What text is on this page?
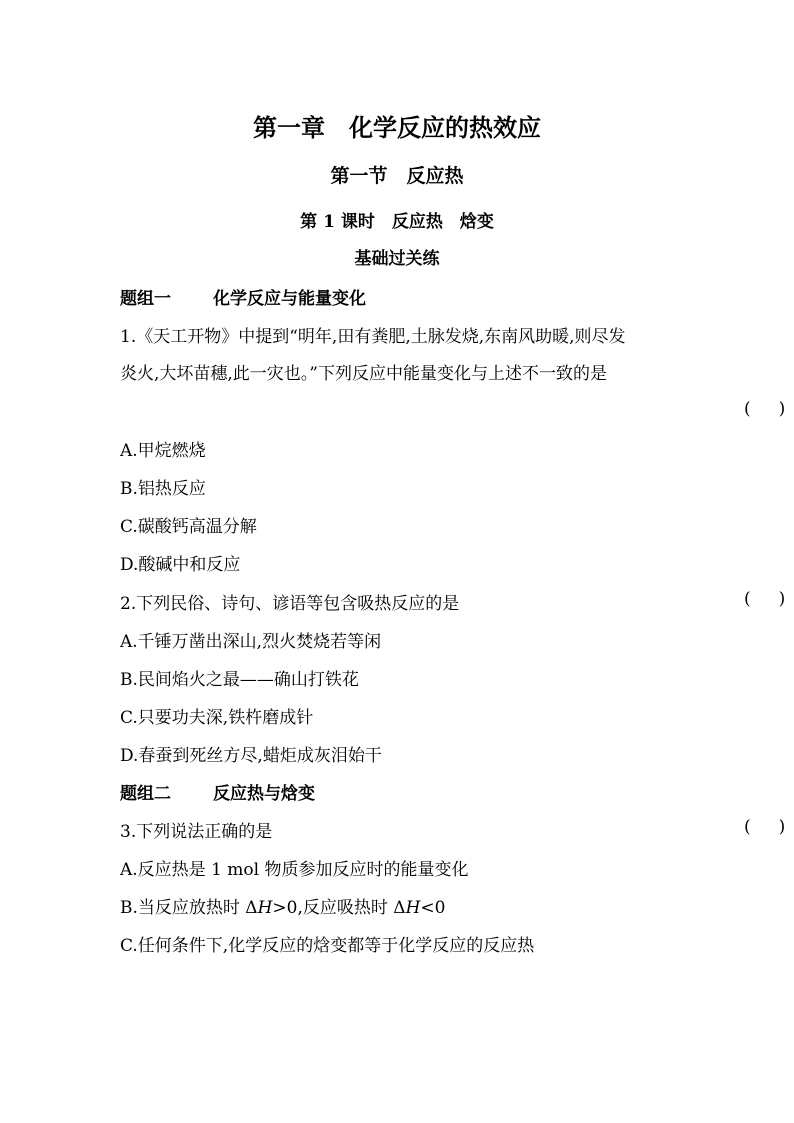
第一章　化学反应的热效应
第一节　反应热
第 1 课时　反应热　焓变
基础过关练
题组一 化学反应与能量变化
1.《天工开物》中提到“明年,田有粪肥,土脉发烧,东南风助暖,则尽发
炎火,大坏苗穗,此一灾也。”下列反应中能量变化与上述不一致的是
( )
A.甲烷燃烧
B.铝热反应
C.碳酸钙高温分解
D.酸碱中和反应
2.下列民俗、诗句、谚语等包含吸热反应的是	( )
A.千锤万凿出深山,烈火焚烧若等闲
B.民间焰火之最——确山打铁花
C.只要功夫深,铁杵磨成针
D.春蚕到死丝方尽,蜡炬成灰泪始干
题组二 反应热与焓变
3.下列说法正确的是	( )
A.反应热是 1 mol 物质参加反应时的能量变化
B.当反应放热时 ΔH>0,反应吸热时 ΔH<0
C.任何条件下,化学反应的焓变都等于化学反应的反应热
